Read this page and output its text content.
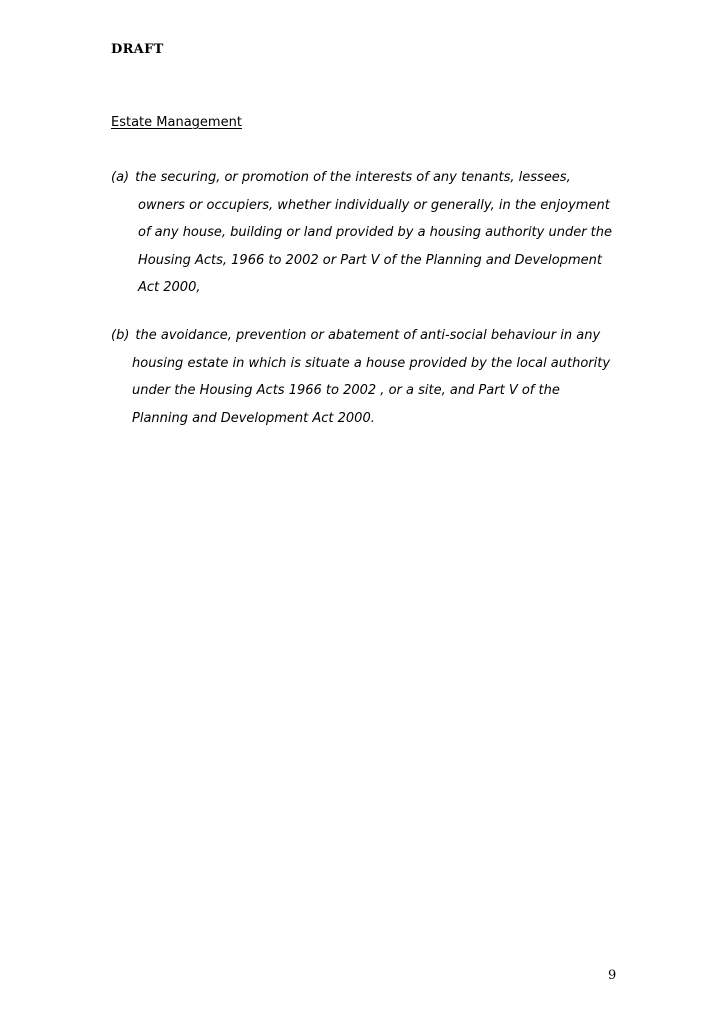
DRAFT
Estate Management
(a) the securing, or promotion of the interests of any tenants, lessees,
owners or occupiers, whether individually or generally, in the enjoyment
of any house, building or land provided by a housing authority under the
Housing Acts, 1966 to 2002 or Part V of the Planning and Development
Act 2000,
(b) the avoidance, prevention or abatement of anti-social behaviour in any
housing estate in which is situate a house provided by the local authority
under the Housing Acts 1966 to 2002 , or a site, and Part V of the
Planning and Development Act 2000.
9
